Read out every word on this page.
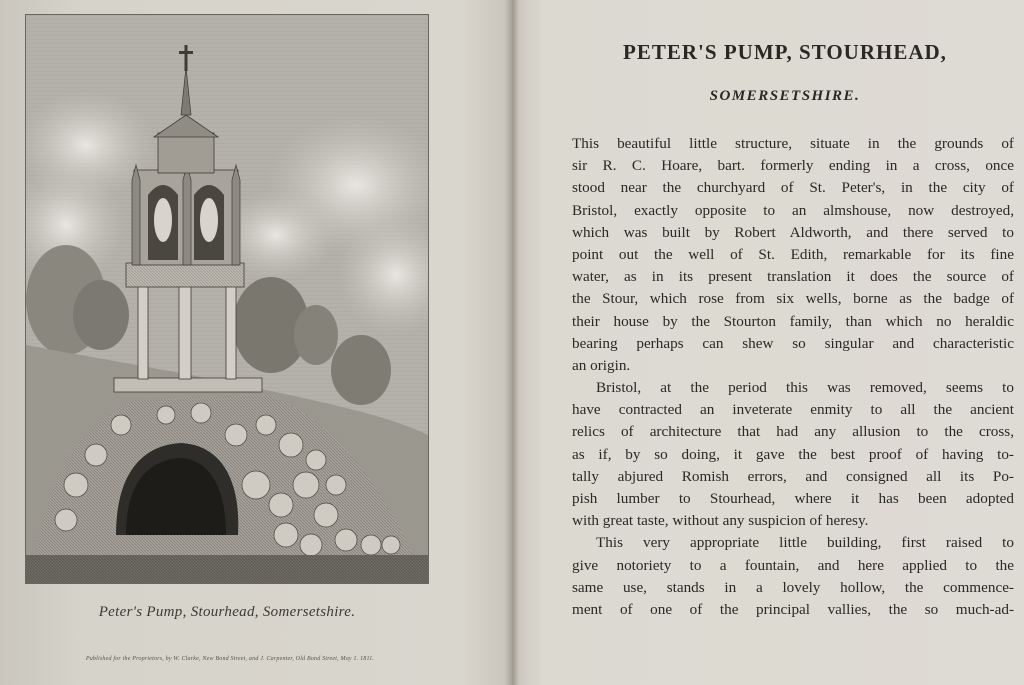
Peter's Pump, Stourhead, Somersetshire.
Published for the Proprietors, by W. Clarke, New Bond Street, and J. Carpenter, Old Bond Street, May 1. 1811.
PETER'S PUMP, STOURHEAD,
SOMERSETSHIRE.
This beautiful little structure, situate in the grounds of
sir R. C. Hoare, bart. formerly ending in a cross, once
stood near the churchyard of St. Peter's, in the city of
Bristol, exactly opposite to an almshouse, now destroyed,
which was built by Robert Aldworth, and there served to
point out the well of St. Edith, remarkable for its fine
water, as in its present translation it does the source of
the Stour, which rose from six wells, borne as the badge of
their house by the Stourton family, than which no heraldic
bearing perhaps can shew so singular and characteristic
an origin.
Bristol, at the period this was removed, seems to
have contracted an inveterate enmity to all the ancient
relics of architecture that had any allusion to the cross,
as if, by so doing, it gave the best proof of having to-
tally abjured Romish errors, and consigned all its Po-
pish lumber to Stourhead, where it has been adopted
with great taste, without any suspicion of heresy.
This very appropriate little building, first raised to
give notoriety to a fountain, and here applied to the
same use, stands in a lovely hollow, the commence-
ment of one of the principal vallies, the so much-ad-
